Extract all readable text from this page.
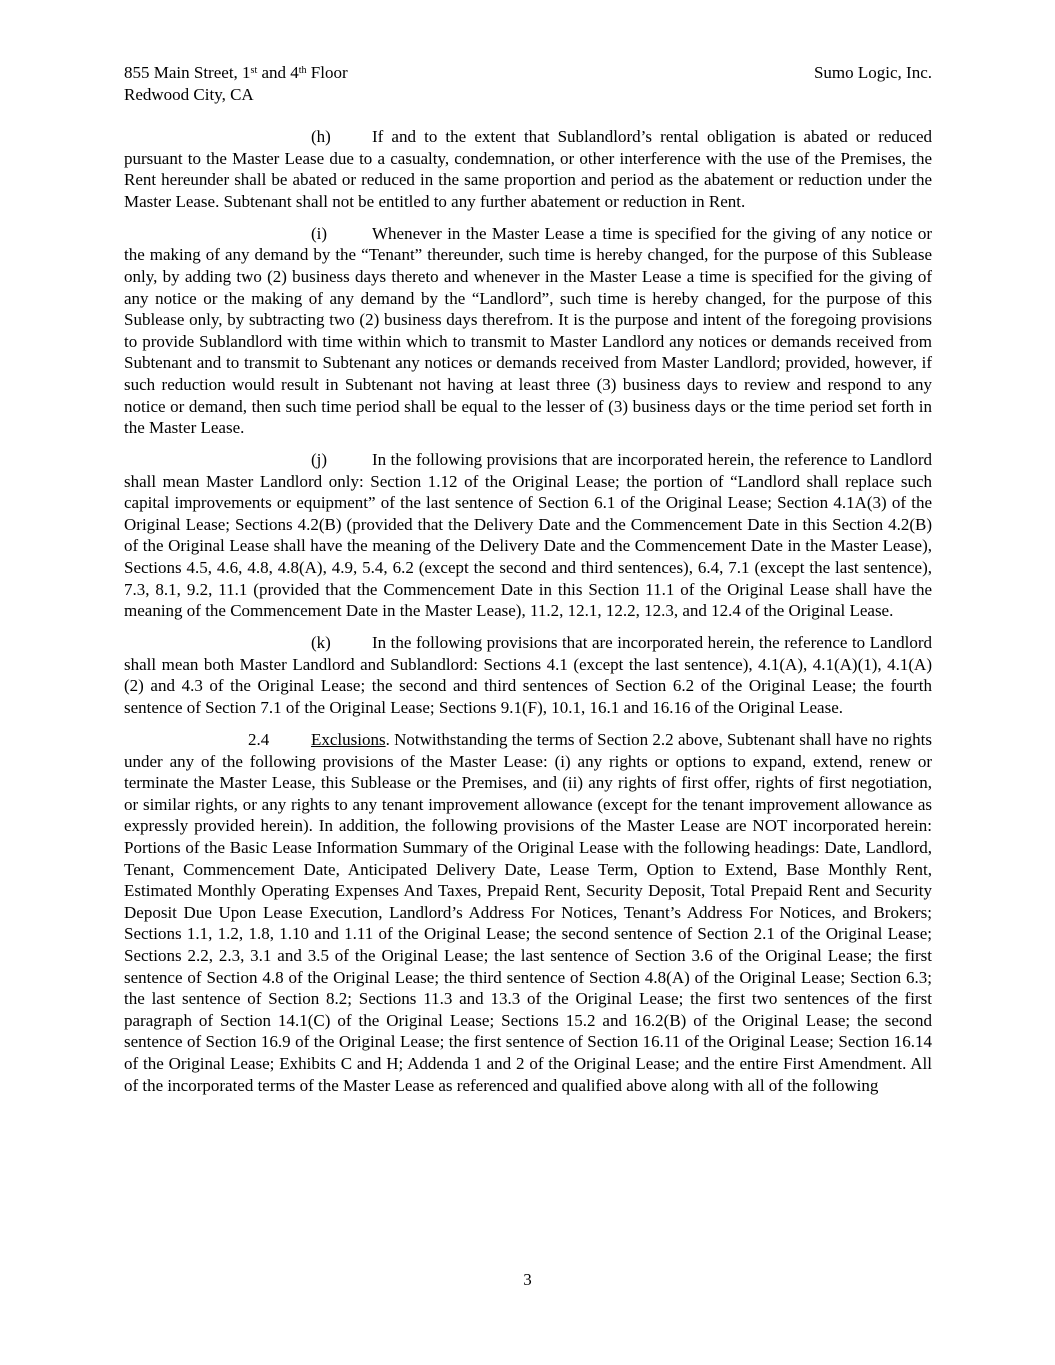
855 Main Street, 1st and 4th Floor
Redwood City, CA
Sumo Logic, Inc.

(h) If and to the extent that Sublandlord’s rental obligation is abated or reduced pursuant to the Master Lease due to a casualty, condemnation, or other interference with the use of the Premises, the Rent hereunder shall be abated or reduced in the same proportion and period as the abatement or reduction under the Master Lease. Subtenant shall not be entitled to any further abatement or reduction in Rent.

(i)	Whenever in the Master Lease a time is specified for the giving of any notice or the making of any demand by the “Tenant” thereunder, such time is hereby changed, for the purpose of this Sublease only, by adding two (2) business days thereto and whenever in the Master Lease a time is specified for the giving of any notice or the making of any demand by the “Landlord”, such time is hereby changed, for the purpose of this Sublease only, by subtracting two (2) business days therefrom. It is the purpose and intent of the foregoing provisions to provide Sublandlord with time within which to transmit to Master Landlord any notices or demands received from Subtenant and to transmit to Subtenant any notices or demands received from Master Landlord; provided, however, if such reduction would result in Subtenant not having at least three (3) business days to review and respond to any notice or demand, then such time period shall be equal to the lesser of (3) business days or the time period set forth in the Master Lease.

(j)	In the following provisions that are incorporated herein, the reference to Landlord shall mean Master Landlord only: Section 1.12 of the Original Lease; the portion of “Landlord shall replace such capital improvements or equipment” of the last sentence of Section 6.1 of the Original Lease; Section 4.1A(3) of the Original Lease; Sections 4.2(B) (provided that the Delivery Date and the Commencement Date in this Section 4.2(B) of the Original Lease shall have the meaning of the Delivery Date and the Commencement Date in the Master Lease), Sections 4.5, 4.6, 4.8, 4.8(A), 4.9, 5.4, 6.2 (except the second and third sentences), 6.4, 7.1 (except the last sentence), 7.3, 8.1, 9.2, 11.1 (provided that the Commencement Date in this Section 11.1 of the Original Lease shall have the meaning of the Commencement Date in the Master Lease), 11.2, 12.1, 12.2, 12.3, and 12.4 of the Original Lease.

(k) In the following provisions that are incorporated herein, the reference to Landlord shall mean both Master Landlord and Sublandlord: Sections 4.1 (except the last sentence), 4.1(A), 4.1(A)(1), 4.1(A)(2) and 4.3 of the Original Lease; the second and third sentences of Section 6.2 of the Original Lease; the fourth sentence of Section 7.1 of the Original Lease; Sections 9.1(F), 10.1, 16.1 and 16.16 of the Original Lease.

2.4 Exclusions. Notwithstanding the terms of Section 2.2 above, Subtenant shall have no rights under any of the following provisions of the Master Lease: (i) any rights or options to expand, extend, renew or terminate the Master Lease, this Sublease or the Premises, and (ii) any rights of first offer, rights of first negotiation, or similar rights, or any rights to any tenant improvement allowance (except for the tenant improvement allowance as expressly provided herein). In addition, the following provisions of the Master Lease are NOT incorporated herein: Portions of the Basic Lease Information Summary of the Original Lease with the following headings: Date, Landlord, Tenant, Commencement Date, Anticipated Delivery Date, Lease Term, Option to Extend, Base Monthly Rent, Estimated Monthly Operating Expenses And Taxes, Prepaid Rent, Security Deposit, Total Prepaid Rent and Security Deposit Due Upon Lease Execution, Landlord’s Address For Notices, Tenant’s Address For Notices, and Brokers; Sections 1.1, 1.2, 1.8, 1.10 and 1.11 of the Original Lease; the second sentence of Section 2.1 of the Original Lease; Sections 2.2, 2.3, 3.1 and 3.5 of the Original Lease; the last sentence of Section 3.6 of the Original Lease; the first sentence of Section 4.8 of the Original Lease; the third sentence of Section 4.8(A) of the Original Lease; Section 6.3; the last sentence of Section 8.2; Sections 11.3 and 13.3 of the Original Lease; the first two sentences of the first paragraph of Section 14.1(C) of the Original Lease; Sections 15.2 and 16.2(B) of the Original Lease; the second sentence of Section 16.9 of the Original Lease; the first sentence of Section 16.11 of the Original Lease; Section 16.14 of the Original Lease; Exhibits C and H; Addenda 1 and 2 of the Original Lease; and the entire First Amendment. All of the incorporated terms of the Master Lease as referenced and qualified above along with all of the following

3
